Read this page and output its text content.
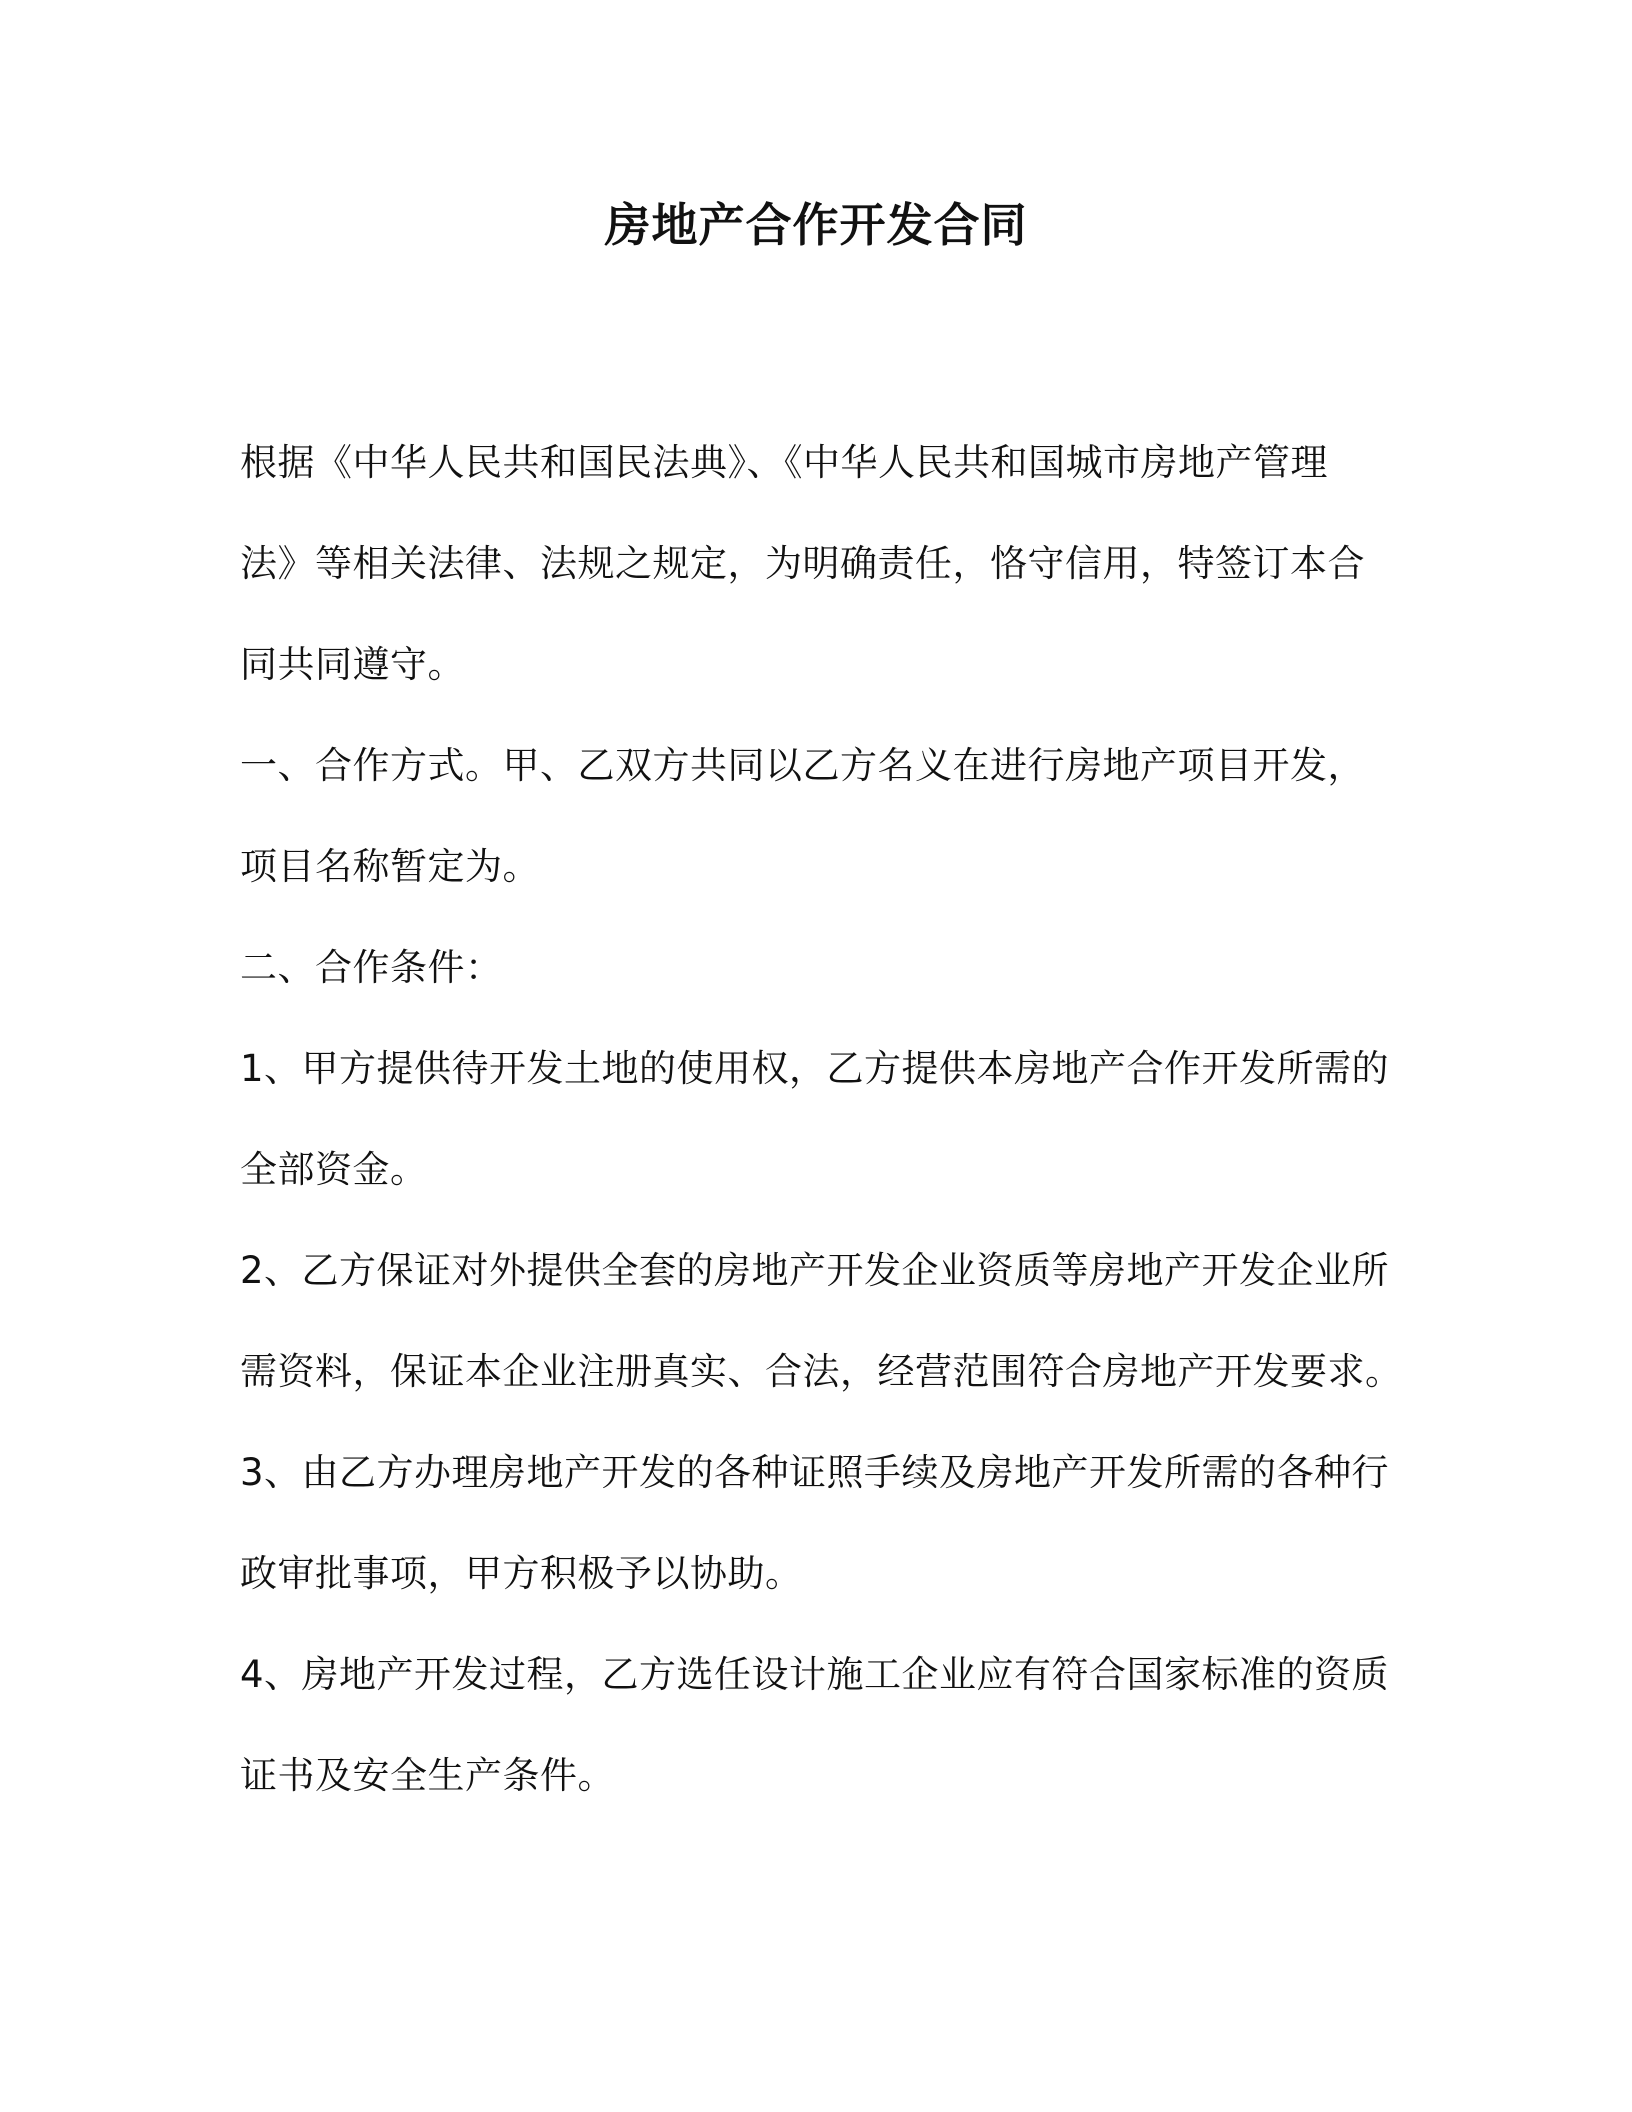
房地产合作开发合同

根据《中华人民共和国民法典》、《中华人民共和国城市房地产管理
法》等相关法律、法规之规定，为明确责任，恪守信用，特签订本合
同共同遵守。

一、合作方式。甲、乙双方共同以乙方名义在进行房地产项目开发，
项目名称暂定为。

二、合作条件：

1、甲方提供待开发土地的使用权，乙方提供本房地产合作开发所需的
全部资金。

2、乙方保证对外提供全套的房地产开发企业资质等房地产开发企业所
需资料，保证本企业注册真实、合法，经营范围符合房地产开发要求。

3、由乙方办理房地产开发的各种证照手续及房地产开发所需的各种行
政审批事项，甲方积极予以协助。

4、房地产开发过程，乙方选任设计施工企业应有符合国家标准的资质
证书及安全生产条件。
